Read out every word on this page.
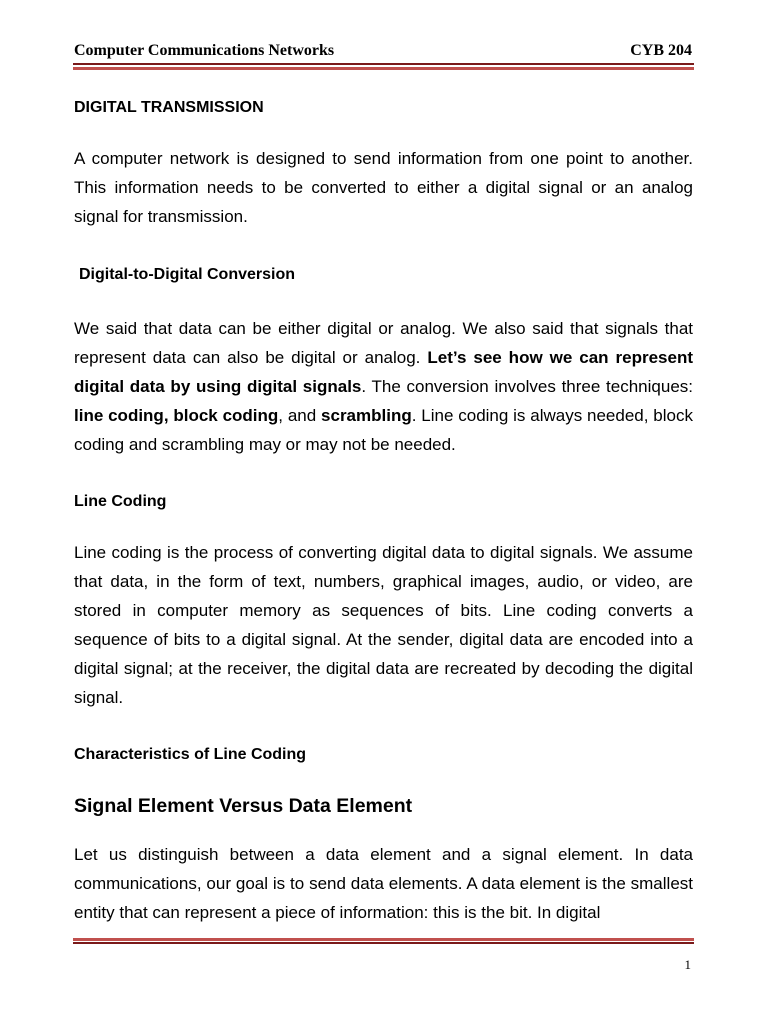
Computer Communications Networks	CYB 204
DIGITAL TRANSMISSION

A computer network is designed to send information from one point to another. This information needs to be converted to either a digital signal or an analog signal for transmission.

Digital-to-Digital Conversion

We said that data can be either digital or analog. We also said that signals that represent data can also be digital or analog. Let’s see how we can represent digital data by using digital signals. The conversion involves three techniques: line coding, block coding, and scrambling. Line coding is always needed, block coding and scrambling may or may not be needed.

Line Coding

Line coding is the process of converting digital data to digital signals. We assume that data, in the form of text, numbers, graphical images, audio, or video, are stored in computer memory as sequences of bits. Line coding converts a sequence of bits to a digital signal. At the sender, digital data are encoded into a digital signal; at the receiver, the digital data are recreated by decoding the digital signal.

Characteristics of Line Coding
Signal Element Versus Data Element

Let us distinguish between a data element and a signal element. In data communications, our goal is to send data elements. A data element is the smallest entity that can represent a piece of information: this is the bit. In digital

1
